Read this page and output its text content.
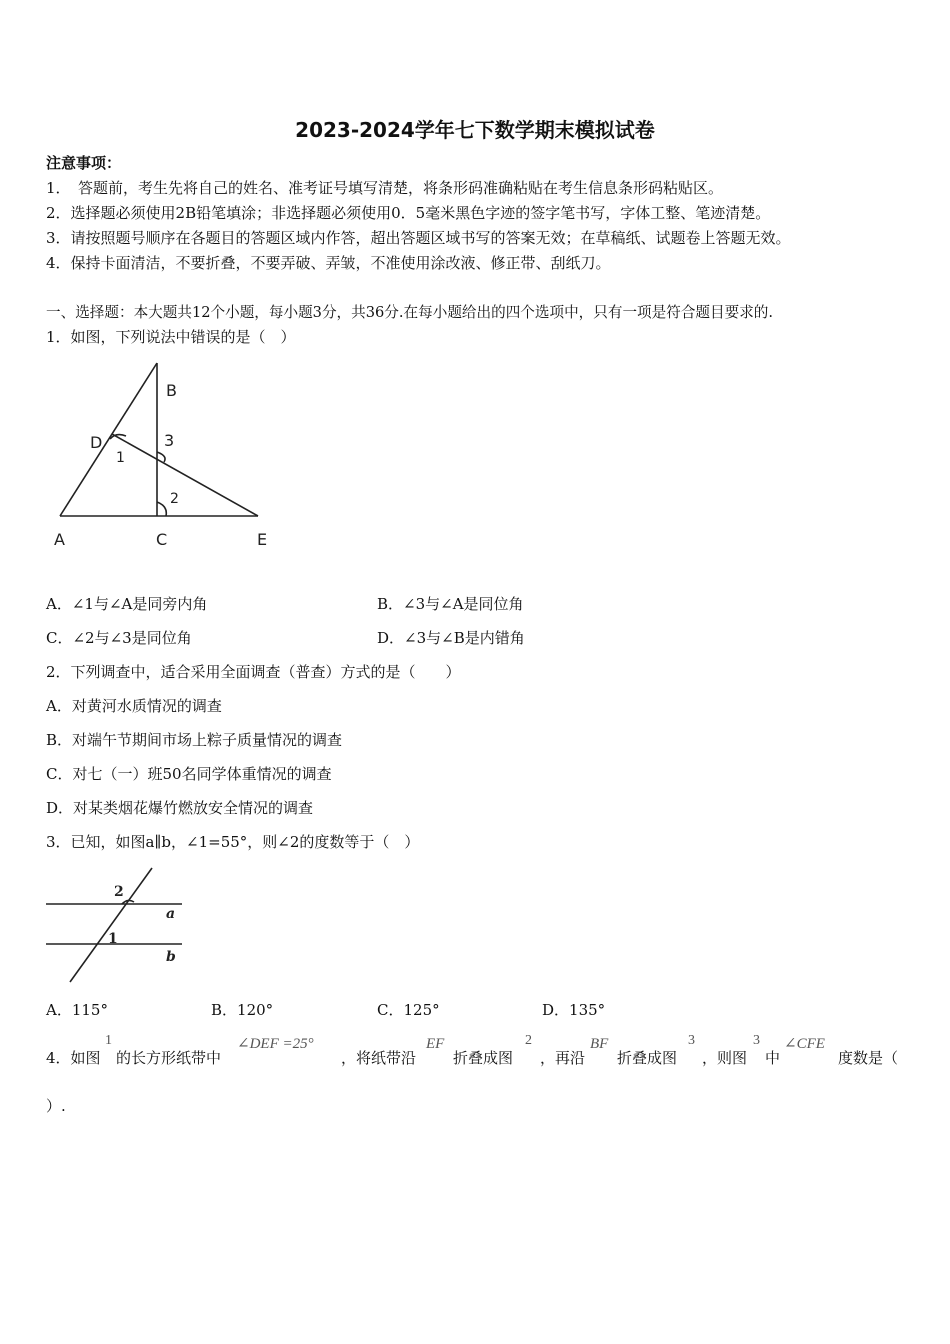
2023-2024学年七下数学期末模拟试卷
注意事项：
1．　答题前，考生先将自己的姓名、准考证号填写清楚，将条形码准确粘贴在考生信息条形码粘贴区。
2．选择题必须使用2B铅笔填涂；非选择题必须使用0．5毫米黑色字迹的签字笔书写，字体工整、笔迹清楚。
3．请按照题号顺序在各题目的答题区域内作答，超出答题区域书写的答案无效；在草稿纸、试题卷上答题无效。
4．保持卡面清洁，不要折叠，不要弄破、弄皱，不准使用涂改液、修正带、刮纸刀。
一、选择题：本大题共12个小题，每小题3分，共36分.在每小题给出的四个选项中，只有一项是符合题目要求的.
1．如图，下列说法中错误的是（　）
B
D
1
3
2
A	C	E
A．∠1与∠A是同旁内角	B．∠3与∠A是同位角
C．∠2与∠3是同位角	D．∠3与∠B是内错角
2．下列调查中，适合采用全面调查（普查）方式的是（　　）
A．对黄河水质情况的调查
B．对端午节期间市场上粽子质量情况的调查
C．对七（一）班50名同学体重情况的调查
D．对某类烟花爆竹燃放安全情况的调查
3．已知，如图a∥b，∠1=55°，则∠2的度数等于（　）
2
1
a
b
A．115°	B．120°	C．125°	D．135°
4．如图
1
的长方形纸带中
∠DEF =25°
，将纸带沿
EF
折叠成图
2
，再沿
BF
折叠成图
3
，则图
3
中
∠CFE
度数是（
）.
